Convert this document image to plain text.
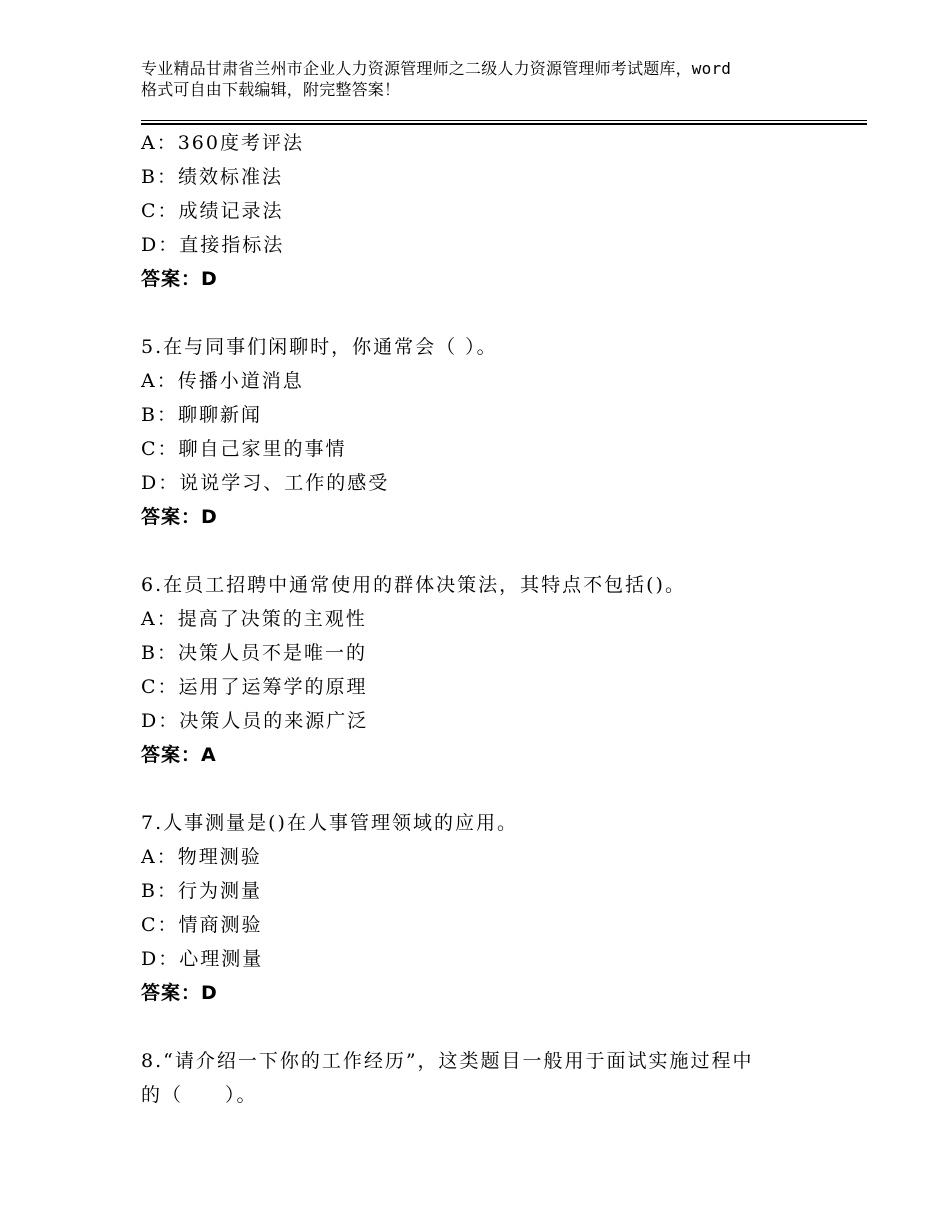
专业精品甘肃省兰州市企业人力资源管理师之二级人力资源管理师考试题库，word
格式可自由下载编辑，附完整答案！
A：360度考评法
B：绩效标准法
C：成绩记录法
D：直接指标法
答案：D
5.在与同事们闲聊时，你通常会（ ）。
A：传播小道消息
B：聊聊新闻
C：聊自己家里的事情
D：说说学习、工作的感受
答案：D
6.在员工招聘中通常使用的群体决策法，其特点不包括()。
A：提高了决策的主观性
B：决策人员不是唯一的
C：运用了运筹学的原理
D：决策人员的来源广泛
答案：A
7.人事测量是()在人事管理领域的应用。
A：物理测验
B：行为测量
C：情商测验
D：心理测量
答案：D
8.“请介绍一下你的工作经历”，这类题目一般用于面试实施过程中
的（　　）。
